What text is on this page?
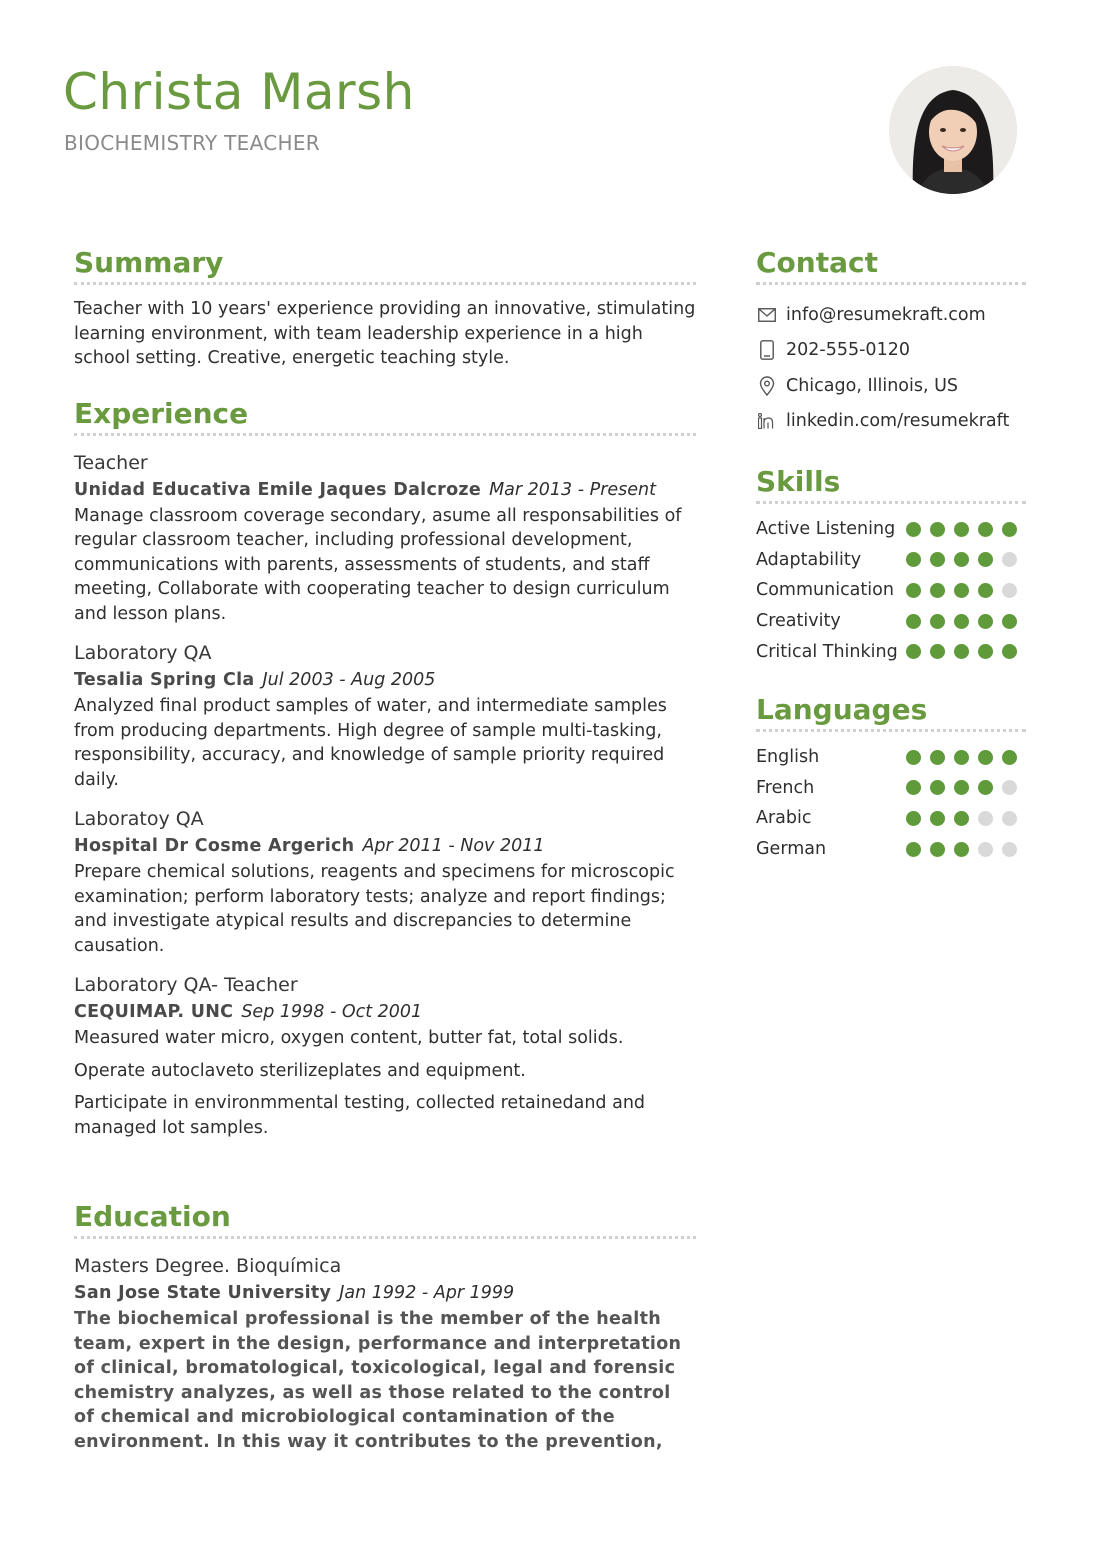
Christa Marsh
BIOCHEMISTRY TEACHER
Summary

Teacher with 10 years' experience providing an innovative, stimulating learning environment, with team leadership experience in a high school setting. Creative, energetic teaching style.

Experience
Teacher
Unidad Educativa Emile Jaques Dalcroze Mar 2013 - Present

Manage classroom coverage secondary, asume all responsabilities of regular classroom teacher, including professional development, communications with parents, assessments of students, and staff meeting, Collaborate with cooperating teacher to design curriculum and lesson plans.

Laboratory QA
Tesalia Spring Cla Jul 2003 - Aug 2005

Analyzed final product samples of water, and intermediate samples from producing departments. High degree of sample multi-tasking, responsibility, accuracy, and knowledge of sample priority required daily.

Laboratoy QA
Hospital Dr Cosme Argerich Apr 2011 - Nov 2011

Prepare chemical solutions, reagents and specimens for microscopic examination; perform laboratory tests; analyze and report findings; and investigate atypical results and discrepancies to determine causation.

Laboratory QA- Teacher
CEQUIMAP. UNC Sep 1998 - Oct 2001

Measured water micro, oxygen content, butter fat, total solids.

Operate autoclaveto sterilizeplates and equipment.

Participate in environmmental testing, collected retainedand and managed lot samples.

Education
Masters Degree. Bioquímica
San Jose State University Jan 1992 - Apr 1999

The biochemical professional is the member of the health team, expert in the design, performance and interpretation of clinical, bromatological, toxicological, legal and forensic chemistry analyzes, as well as those related to the control of chemical and microbiological contamination of the environment. In this way it contributes to the prevention,

Contact
info@resumekraft.com
202-555-0120
Chicago, Illinois, US
linkedin.com/resumekraft
Skills
Active Listening
Adaptability
Communication
Creativity
Critical Thinking
Languages
English
French
Arabic
German
